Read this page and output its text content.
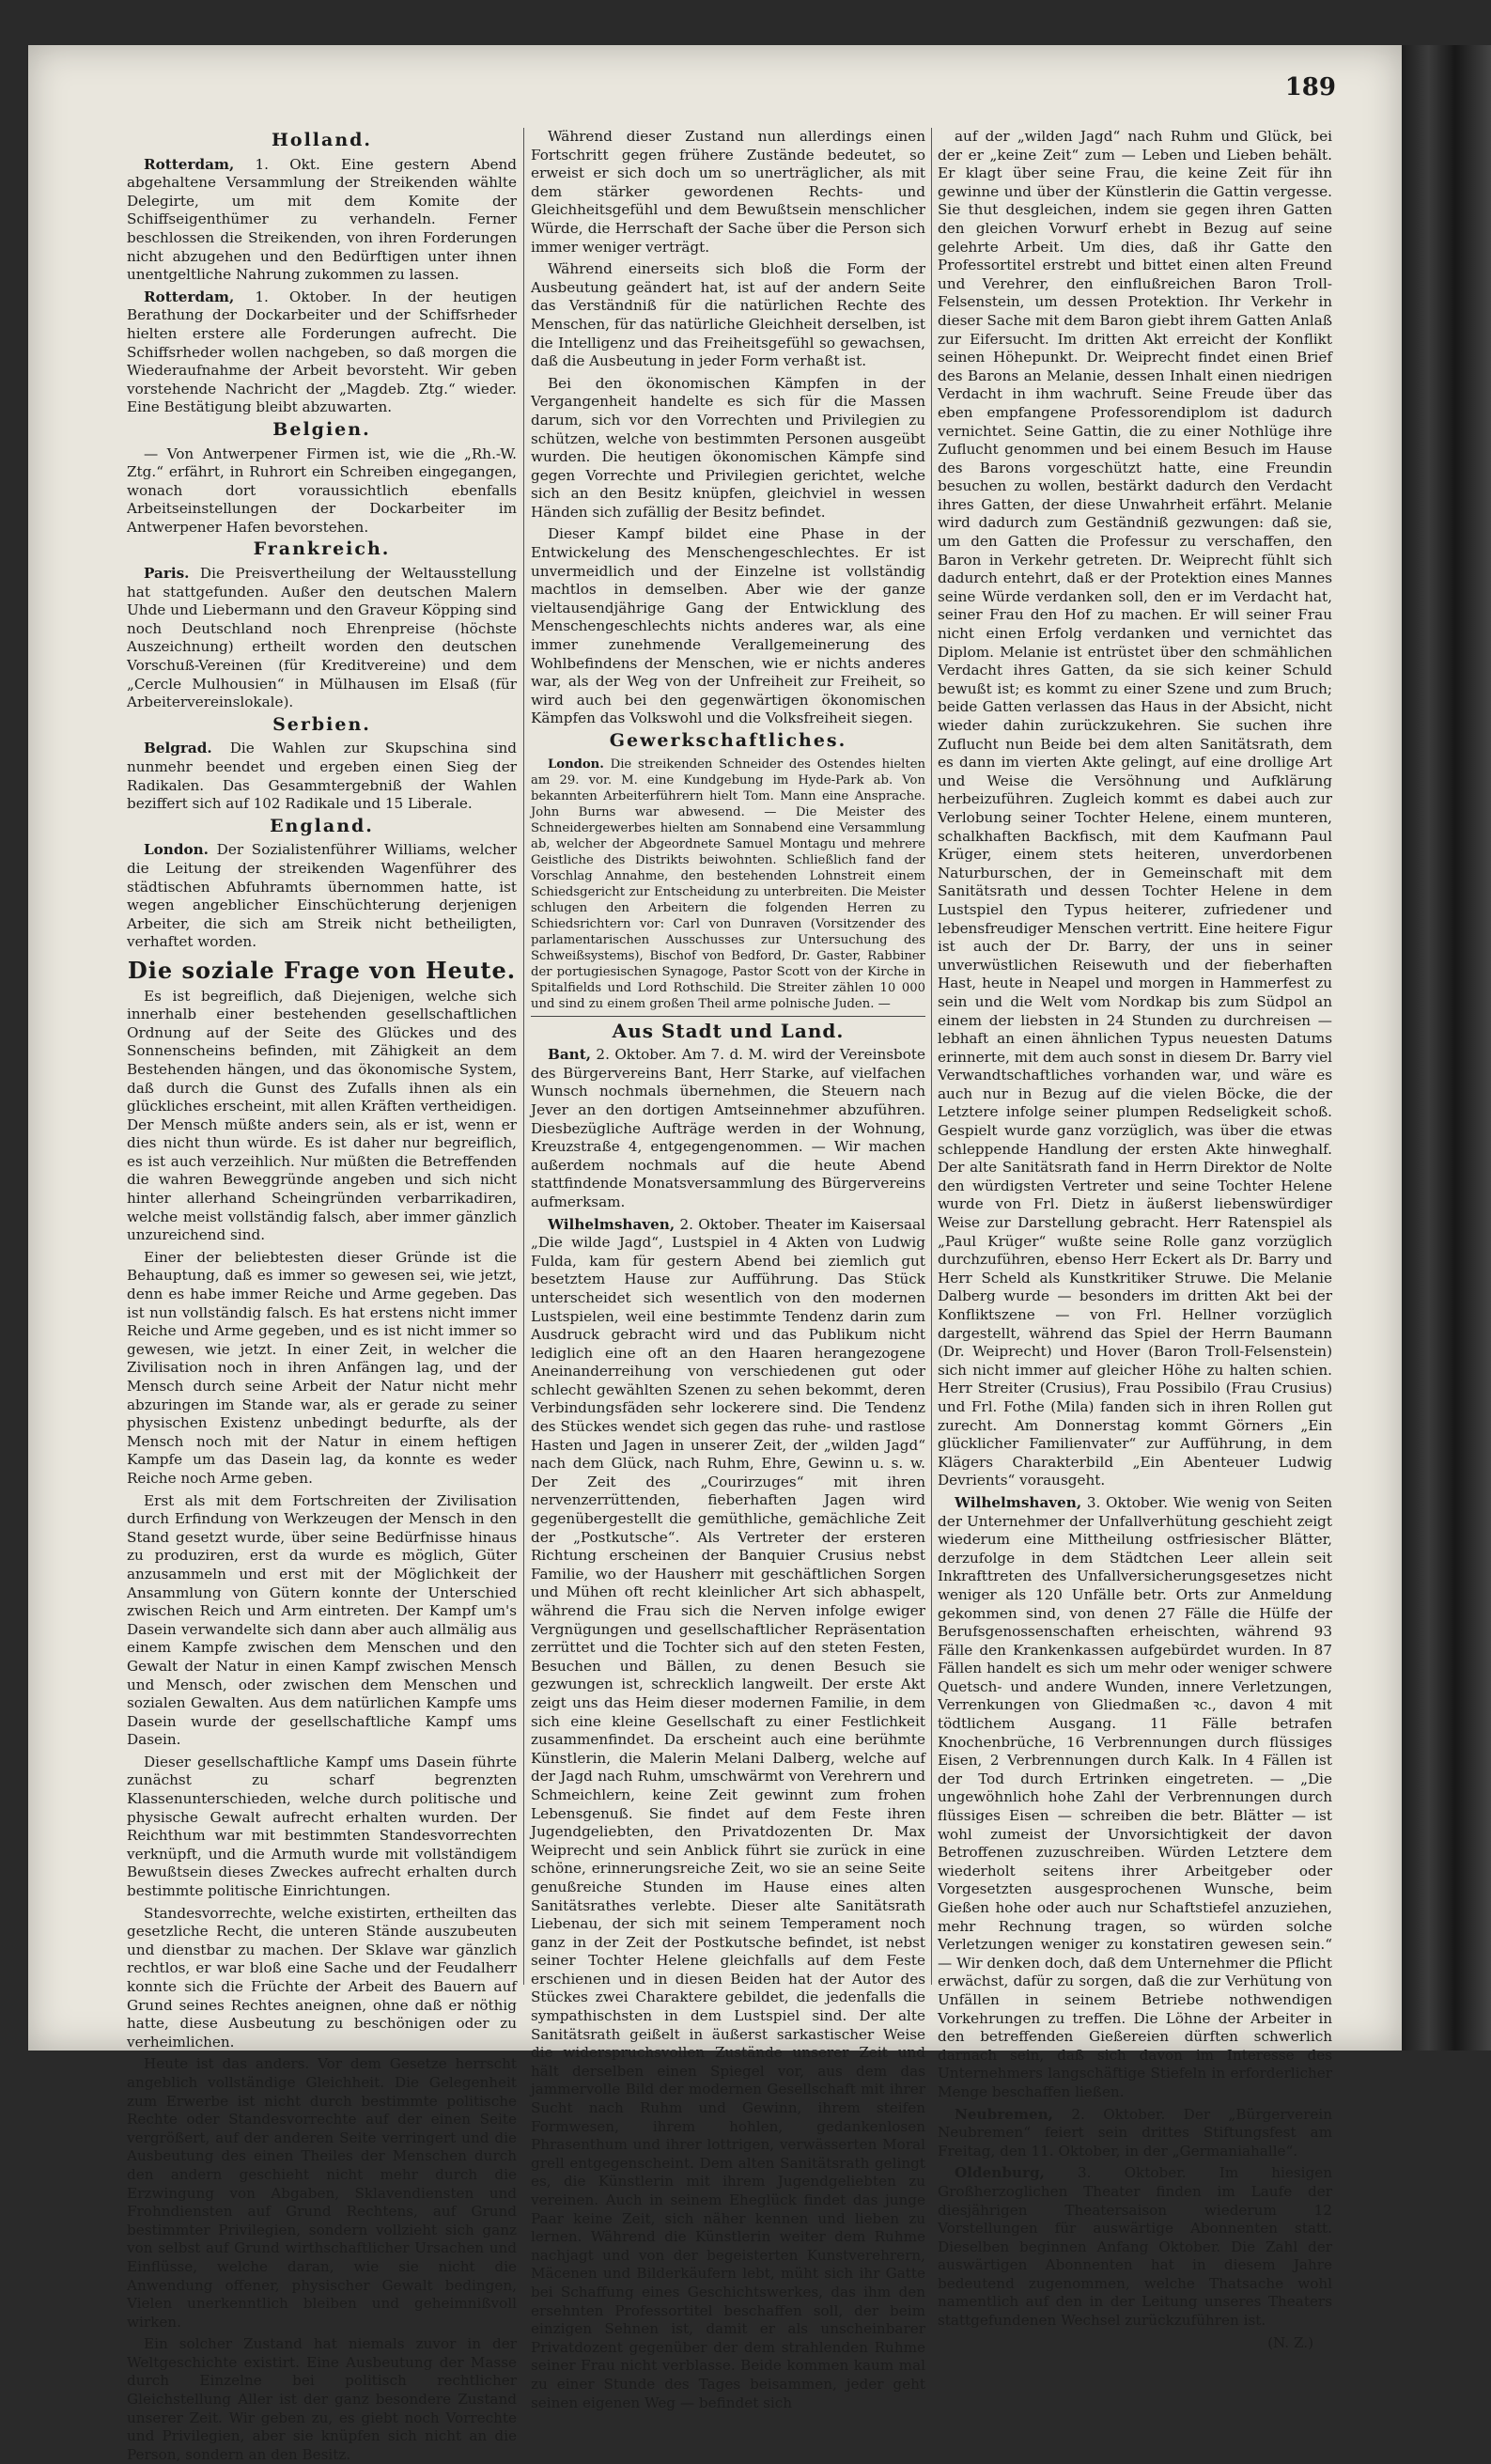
189
Holland.

Rotterdam, 1. Okt. Eine gestern Abend abgehaltene Versammlung der Streikenden wählte Delegirte, um mit dem Komite der Schiffseigenthümer zu verhandeln. Ferner beschlossen die Streikenden, von ihren Forderungen nicht abzugehen und den Bedürftigen unter ihnen unentgeltliche Nahrung zukommen zu lassen.

Rotterdam, 1. Oktober. In der heutigen Berathung der Dockarbeiter und der Schiffsrheder hielten erstere alle Forderungen aufrecht. Die Schiffsrheder wollen nachgeben, so daß morgen die Wiederaufnahme der Arbeit bevorsteht. Wir geben vorstehende Nachricht der „Magdeb. Ztg.“ wieder. Eine Bestätigung bleibt abzuwarten.

Belgien.

— Von Antwerpener Firmen ist, wie die „Rh.-W. Ztg.“ erfährt, in Ruhrort ein Schreiben eingegangen, wonach dort voraussichtlich ebenfalls Arbeitseinstellungen der Dockarbeiter im Antwerpener Hafen bevorstehen.

Frankreich.

Paris. Die Preisvertheilung der Weltausstellung hat stattgefunden. Außer den deutschen Malern Uhde und Liebermann und den Graveur Köpping sind noch Deutschland noch Ehrenpreise (höchste Auszeichnung) ertheilt worden den deutschen Vorschuß-Vereinen (für Kreditvereine) und dem „Cercle Mulhousien“ in Mülhausen im Elsaß (für Arbeitervereinslokale).

Serbien.

Belgrad. Die Wahlen zur Skupschina sind nunmehr beendet und ergeben einen Sieg der Radikalen. Das Gesammtergebniß der Wahlen beziffert sich auf 102 Radikale und 15 Liberale.

England.

London. Der Sozialistenführer Williams, welcher die Leitung der streikenden Wagenführer des städtischen Abfuhramts übernommen hatte, ist wegen angeblicher Einschüchterung derjenigen Arbeiter, die sich am Streik nicht betheiligten, verhaftet worden.

Die soziale Frage von Heute.

Es ist begreiflich, daß Diejenigen, welche sich innerhalb einer bestehenden gesellschaftlichen Ordnung auf der Seite des Glückes und des Sonnenscheins befinden, mit Zähigkeit an dem Bestehenden hängen, und das ökonomische System, daß durch die Gunst des Zufalls ihnen als ein glückliches erscheint, mit allen Kräften vertheidigen. Der Mensch müßte anders sein, als er ist, wenn er dies nicht thun würde. Es ist daher nur begreiflich, es ist auch verzeihlich. Nur müßten die Betreffenden die wahren Beweggründe angeben und sich nicht hinter allerhand Scheingründen verbarrikadiren, welche meist vollständig falsch, aber immer gänzlich unzureichend sind.

Einer der beliebtesten dieser Gründe ist die Behauptung, daß es immer so gewesen sei, wie jetzt, denn es habe immer Reiche und Arme gegeben. Das ist nun vollständig falsch. Es hat erstens nicht immer Reiche und Arme gegeben, und es ist nicht immer so gewesen, wie jetzt. In einer Zeit, in welcher die Zivilisation noch in ihren Anfängen lag, und der Mensch durch seine Arbeit der Natur nicht mehr abzuringen im Stande war, als er gerade zu seiner physischen Existenz unbedingt bedurfte, als der Mensch noch mit der Natur in einem heftigen Kampfe um das Dasein lag, da konnte es weder Reiche noch Arme geben.

Erst als mit dem Fortschreiten der Zivilisation durch Erfindung von Werkzeugen der Mensch in den Stand gesetzt wurde, über seine Bedürfnisse hinaus zu produziren, erst da wurde es möglich, Güter anzusammeln und erst mit der Möglichkeit der Ansammlung von Gütern konnte der Unterschied zwischen Reich und Arm eintreten. Der Kampf um's Dasein verwandelte sich dann aber auch allmälig aus einem Kampfe zwischen dem Menschen und den Gewalt der Natur in einen Kampf zwischen Mensch und Mensch, oder zwischen dem Menschen und sozialen Gewalten. Aus dem natürlichen Kampfe ums Dasein wurde der gesellschaftliche Kampf ums Dasein.

Dieser gesellschaftliche Kampf ums Dasein führte zunächst zu scharf begrenzten Klassenunterschieden, welche durch politische und physische Gewalt aufrecht erhalten wurden. Der Reichthum war mit bestimmten Standesvorrechten verknüpft, und die Armuth wurde mit vollständigem Bewußtsein dieses Zweckes aufrecht erhalten durch bestimmte politische Einrichtungen.

Standesvorrechte, welche existirten, ertheilten das gesetzliche Recht, die unteren Stände auszubeuten und dienstbar zu machen. Der Sklave war gänzlich rechtlos, er war bloß eine Sache und der Feudalherr konnte sich die Früchte der Arbeit des Bauern auf Grund seines Rechtes aneignen, ohne daß er nöthig hatte, diese Ausbeutung zu beschönigen oder zu verheimlichen.

Heute ist das anders. Vor dem Gesetze herrscht angeblich vollständige Gleichheit. Die Gelegenheit zum Erwerbe ist nicht durch bestimmte politische Rechte oder Standesvorrechte auf der einen Seite vergrößert, auf der anderen Seite verringert und die Ausbeutung des einen Theiles der Menschen durch den andern geschieht nicht mehr durch die Erzwingung von Abgaben, Sklavendiensten und Frohndiensten auf Grund Rechtens, auf Grund bestimmter Privilegien, sondern vollzieht sich ganz von selbst auf Grund wirthschaftlicher Ursachen und Einflüsse, welche daran, wie sie nicht die Anwendung offener, physischer Gewalt bedingen, Vielen unerkenntlich bleiben und geheimnißvoll wirken.

Ein solcher Zustand hat niemals zuvor in der Weltgeschichte existirt. Eine Ausbeutung der Masse durch Einzelne bei politisch rechtlicher Gleichstellung Aller ist der ganz besondere Zustand unserer Zeit. Wir geben zu, es giebt noch Vorrechte und Privilegien, aber sie knüpfen sich nicht an die Person, sondern an den Besitz.

Während dieser Zustand nun allerdings einen Fortschritt gegen frühere Zustände bedeutet, so erweist er sich doch um so unerträglicher, als mit dem stärker gewordenen Rechts- und Gleichheitsgefühl und dem Bewußtsein menschlicher Würde, die Herrschaft der Sache über die Person sich immer weniger verträgt.

Während einerseits sich bloß die Form der Ausbeutung geändert hat, ist auf der andern Seite das Verständniß für die natürlichen Rechte des Menschen, für das natürliche Gleichheit derselben, ist die Intelligenz und das Freiheitsgefühl so gewachsen, daß die Ausbeutung in jeder Form verhaßt ist.

Bei den ökonomischen Kämpfen in der Vergangenheit handelte es sich für die Massen darum, sich vor den Vorrechten und Privilegien zu schützen, welche von bestimmten Personen ausgeübt wurden. Die heutigen ökonomischen Kämpfe sind gegen Vorrechte und Privilegien gerichtet, welche sich an den Besitz knüpfen, gleichviel in wessen Händen sich zufällig der Besitz befindet.

Dieser Kampf bildet eine Phase in der Entwickelung des Menschengeschlechtes. Er ist unvermeidlich und der Einzelne ist vollständig machtlos in demselben. Aber wie der ganze vieltausendjährige Gang der Entwicklung des Menschengeschlechts nichts anderes war, als eine immer zunehmende Verallgemeinerung des Wohlbefindens der Menschen, wie er nichts anderes war, als der Weg von der Unfreiheit zur Freiheit, so wird auch bei den gegenwärtigen ökonomischen Kämpfen das Volkswohl und die Volksfreiheit siegen.

Gewerkschaftliches.

London. Die streikenden Schneider des Ostendes hielten am 29. vor. M. eine Kundgebung im Hyde-Park ab. Von bekannten Arbeiterführern hielt Tom. Mann eine Ansprache. John Burns war abwesend. — Die Meister des Schneidergewerbes hielten am Sonnabend eine Versammlung ab, welcher der Abgeordnete Samuel Montagu und mehrere Geistliche des Distrikts beiwohnten. Schließlich fand der Vorschlag Annahme, den bestehenden Lohnstreit einem Schiedsgericht zur Entscheidung zu unterbreiten. Die Meister schlugen den Arbeitern die folgenden Herren zu Schiedsrichtern vor: Carl von Dunraven (Vorsitzender des parlamentarischen Ausschusses zur Untersuchung des Schweißsystems), Bischof von Bedford, Dr. Gaster, Rabbiner der portugiesischen Synagoge, Pastor Scott von der Kirche in Spitalfields und Lord Rothschild. Die Streiter zählen 10 000 und sind zu einem großen Theil arme polnische Juden. —

Aus Stadt und Land.

Bant, 2. Oktober. Am 7. d. M. wird der Vereinsbote des Bürgervereins Bant, Herr Starke, auf vielfachen Wunsch nochmals übernehmen, die Steuern nach Jever an den dortigen Amtseinnehmer abzuführen. Diesbezügliche Aufträge werden in der Wohnung, Kreuzstraße 4, entgegengenommen. — Wir machen außerdem nochmals auf die heute Abend stattfindende Monatsversammlung des Bürgervereins aufmerksam.

Wilhelmshaven, 2. Oktober. Theater im Kaisersaal „Die wilde Jagd“, Lustspiel in 4 Akten von Ludwig Fulda, kam für gestern Abend bei ziemlich gut besetztem Hause zur Aufführung. Das Stück unterscheidet sich wesentlich von den modernen Lustspielen, weil eine bestimmte Tendenz darin zum Ausdruck gebracht wird und das Publikum nicht lediglich eine oft an den Haaren herangezogene Aneinanderreihung von verschiedenen gut oder schlecht gewählten Szenen zu sehen bekommt, deren Verbindungsfäden sehr lockerere sind. Die Tendenz des Stückes wendet sich gegen das ruhe- und rastlose Hasten und Jagen in unserer Zeit, der „wilden Jagd“ nach dem Glück, nach Ruhm, Ehre, Gewinn u. s. w. Der Zeit des „Courirzuges“ mit ihren nervenzerrüttenden, fieberhaften Jagen wird gegenübergestellt die gemüthliche, gemächliche Zeit der „Postkutsche“. Als Vertreter der ersteren Richtung erscheinen der Banquier Crusius nebst Familie, wo der Hausherr mit geschäftlichen Sorgen und Mühen oft recht kleinlicher Art sich abhaspelt, während die Frau sich die Nerven infolge ewiger Vergnügungen und gesellschaftlicher Repräsentation zerrüttet und die Tochter sich auf den steten Festen, Besuchen und Bällen, zu denen Besuch sie gezwungen ist, schrecklich langweilt. Der erste Akt zeigt uns das Heim dieser modernen Familie, in dem sich eine kleine Gesellschaft zu einer Festlichkeit zusammenfindet. Da erscheint auch eine berühmte Künstlerin, die Malerin Melani Dalberg, welche auf der Jagd nach Ruhm, umschwärmt von Verehrern und Schmeichlern, keine Zeit gewinnt zum frohen Lebensgenuß. Sie findet auf dem Feste ihren Jugendgeliebten, den Privatdozenten Dr. Max Weiprecht und sein Anblick führt sie zurück in eine schöne, erinnerungsreiche Zeit, wo sie an seine Seite genußreiche Stunden im Hause eines alten Sanitätsrathes verlebte. Dieser alte Sanitätsrath Liebenau, der sich mit seinem Temperament noch ganz in der Zeit der Postkutsche befindet, ist nebst seiner Tochter Helene gleichfalls auf dem Feste erschienen und in diesen Beiden hat der Autor des Stückes zwei Charaktere gebildet, die jedenfalls die sympathischsten in dem Lustspiel sind. Der alte Sanitätsrath geißelt in äußerst sarkastischer Weise die widerspruchsvollen Zustände unserer Zeit und hält derselben einen Spiegel vor, aus dem das jammervolle Bild der modernen Gesellschaft mit ihrer Sucht nach Ruhm und Gewinn, ihrem steifen Formwesen, ihrem hohlen, gedankenlosen Phrasenthum und ihrer lottrigen, verwässerten Moral grell entgegenscheint. Dem alten Sanitätsrath gelingt es, die Künstlerin mit ihrem Jugendgeliebten zu vereinen. Auch in seinem Eheglück findet das junge Paar keine Zeit, sich näher kennen und lieben zu lernen. Während die Künstlerin weiter dem Ruhme nachjagt und von der begeisterten Kunstverehrern, Mäcenen und Bilderkäufern lebt, müht sich ihr Gatte bei Schaffung eines Geschichtswerkes, das ihm den ersehnten Professortitel beschaffen soll, der beim einzigen Sehnen ist, damit er als unscheinbarer Privatdozent gegenüber der dem strahlenden Ruhme seiner Frau nicht verblasse. Beide kommen kaum mal zu einer Stunde des Tages beisammen, jeder geht seinen eigenen Weg — befindet sich

auf der „wilden Jagd“ nach Ruhm und Glück, bei der er „keine Zeit“ zum — Leben und Lieben behält. Er klagt über seine Frau, die keine Zeit für ihn gewinne und über der Künstlerin die Gattin vergesse. Sie thut desgleichen, indem sie gegen ihren Gatten den gleichen Vorwurf erhebt in Bezug auf seine gelehrte Arbeit. Um dies, daß ihr Gatte den Professortitel erstrebt und bittet einen alten Freund und Verehrer, den einflußreichen Baron Troll-Felsenstein, um dessen Protektion. Ihr Verkehr in dieser Sache mit dem Baron giebt ihrem Gatten Anlaß zur Eifersucht. Im dritten Akt erreicht der Konflikt seinen Höhepunkt. Dr. Weiprecht findet einen Brief des Barons an Melanie, dessen Inhalt einen niedrigen Verdacht in ihm wachruft. Seine Freude über das eben empfangene Professorendiplom ist dadurch vernichtet. Seine Gattin, die zu einer Nothlüge ihre Zuflucht genommen und bei einem Besuch im Hause des Barons vorgeschützt hatte, eine Freundin besuchen zu wollen, bestärkt dadurch den Verdacht ihres Gatten, der diese Unwahrheit erfährt. Melanie wird dadurch zum Geständniß gezwungen: daß sie, um den Gatten die Professur zu verschaffen, den Baron in Verkehr getreten. Dr. Weiprecht fühlt sich dadurch entehrt, daß er der Protektion eines Mannes seine Würde verdanken soll, den er im Verdacht hat, seiner Frau den Hof zu machen. Er will seiner Frau nicht einen Erfolg verdanken und vernichtet das Diplom. Melanie ist entrüstet über den schmählichen Verdacht ihres Gatten, da sie sich keiner Schuld bewußt ist; es kommt zu einer Szene und zum Bruch; beide Gatten verlassen das Haus in der Absicht, nicht wieder dahin zurückzukehren. Sie suchen ihre Zuflucht nun Beide bei dem alten Sanitätsrath, dem es dann im vierten Akte gelingt, auf eine drollige Art und Weise die Versöhnung und Aufklärung herbeizuführen. Zugleich kommt es dabei auch zur Verlobung seiner Tochter Helene, einem munteren, schalkhaften Backfisch, mit dem Kaufmann Paul Krüger, einem stets heiteren, unverdorbenen Naturburschen, der in Gemeinschaft mit dem Sanitätsrath und dessen Tochter Helene in dem Lustspiel den Typus heiterer, zufriedener und lebensfreudiger Menschen vertritt. Eine heitere Figur ist auch der Dr. Barry, der uns in seiner unverwüstlichen Reisewuth und der fieberhaften Hast, heute in Neapel und morgen in Hammerfest zu sein und die Welt vom Nordkap bis zum Südpol an einem der liebsten in 24 Stunden zu durchreisen — lebhaft an einen ähnlichen Typus neuesten Datums erinnerte, mit dem auch sonst in diesem Dr. Barry viel Verwandtschaftliches vorhanden war, und wäre es auch nur in Bezug auf die vielen Böcke, die der Letztere infolge seiner plumpen Redseligkeit schoß. Gespielt wurde ganz vorzüglich, was über die etwas schleppende Handlung der ersten Akte hinweghalf. Der alte Sanitätsrath fand in Herrn Direktor de Nolte den würdigsten Vertreter und seine Tochter Helene wurde von Frl. Dietz in äußerst liebenswürdiger Weise zur Darstellung gebracht. Herr Ratenspiel als „Paul Krüger“ wußte seine Rolle ganz vorzüglich durchzuführen, ebenso Herr Eckert als Dr. Barry und Herr Scheld als Kunstkritiker Struwe. Die Melanie Dalberg wurde — besonders im dritten Akt bei der Konfliktszene — von Frl. Hellner vorzüglich dargestellt, während das Spiel der Herrn Baumann (Dr. Weiprecht) und Hover (Baron Troll-Felsenstein) sich nicht immer auf gleicher Höhe zu halten schien. Herr Streiter (Crusius), Frau Possibilo (Frau Crusius) und Frl. Fothe (Mila) fanden sich in ihren Rollen gut zurecht. Am Donnerstag kommt Görners „Ein glücklicher Familienvater“ zur Aufführung, in dem Klägers Charakterbild „Ein Abenteuer Ludwig Devrients“ vorausgeht.

Wilhelmshaven, 3. Oktober. Wie wenig von Seiten der Unternehmer der Unfallverhütung geschieht zeigt wiederum eine Mittheilung ostfriesischer Blätter, derzufolge in dem Städtchen Leer allein seit Inkrafttreten des Unfallversicherungsgesetzes nicht weniger als 120 Unfälle betr. Orts zur Anmeldung gekommen sind, von denen 27 Fälle die Hülfe der Berufsgenossenschaften erheischten, während 93 Fälle den Krankenkassen aufgebürdet wurden. In 87 Fällen handelt es sich um mehr oder weniger schwere Quetsch- und andere Wunden, innere Verletzungen, Verrenkungen von Gliedmaßen ꝛc., davon 4 mit tödtlichem Ausgang. 11 Fälle betrafen Knochenbrüche, 16 Verbrennungen durch flüssiges Eisen, 2 Verbrennungen durch Kalk. In 4 Fällen ist der Tod durch Ertrinken eingetreten. — „Die ungewöhnlich hohe Zahl der Verbrennungen durch flüssiges Eisen — schreiben die betr. Blätter — ist wohl zumeist der Unvorsichtigkeit der davon Betroffenen zuzuschreiben. Würden Letztere dem wiederholt seitens ihrer Arbeitgeber oder Vorgesetzten ausgesprochenen Wunsche, beim Gießen hohe oder auch nur Schaftstiefel anzuziehen, mehr Rechnung tragen, so würden solche Verletzungen weniger zu konstatiren gewesen sein.“ — Wir denken doch, daß dem Unternehmer die Pflicht erwächst, dafür zu sorgen, daß die zur Verhütung von Unfällen in seinem Betriebe nothwendigen Vorkehrungen zu treffen. Die Löhne der Arbeiter in den betreffenden Gießereien dürften schwerlich darnach sein, daß sich davon im Interesse des Unternehmers langschäftige Stiefeln in erforderlicher Menge beschaffen ließen.

Neubremen, 2. Oktober. Der „Bürgerverein Neubremen“ feiert sein drittes Stiftungsfest am Freitag, den 11. Oktober, in der „Germaniahalle“.

Oldenburg, 3. Oktober. Im hiesigen Großherzoglichen Theater finden im Laufe der diesjährigen Theatersaison wiederum 12 Vorstellungen für auswärtige Abonnenten statt. Dieselben beginnen Anfang Oktober. Die Zahl der auswärtigen Abonnenten hat in diesem Jahre bedeutend zugenommen, welche Thatsache wohl namentlich auf den in der Leitung unseres Theaters stattgefundenen Wechsel zurückzuführen ist.

(N. Z.)
